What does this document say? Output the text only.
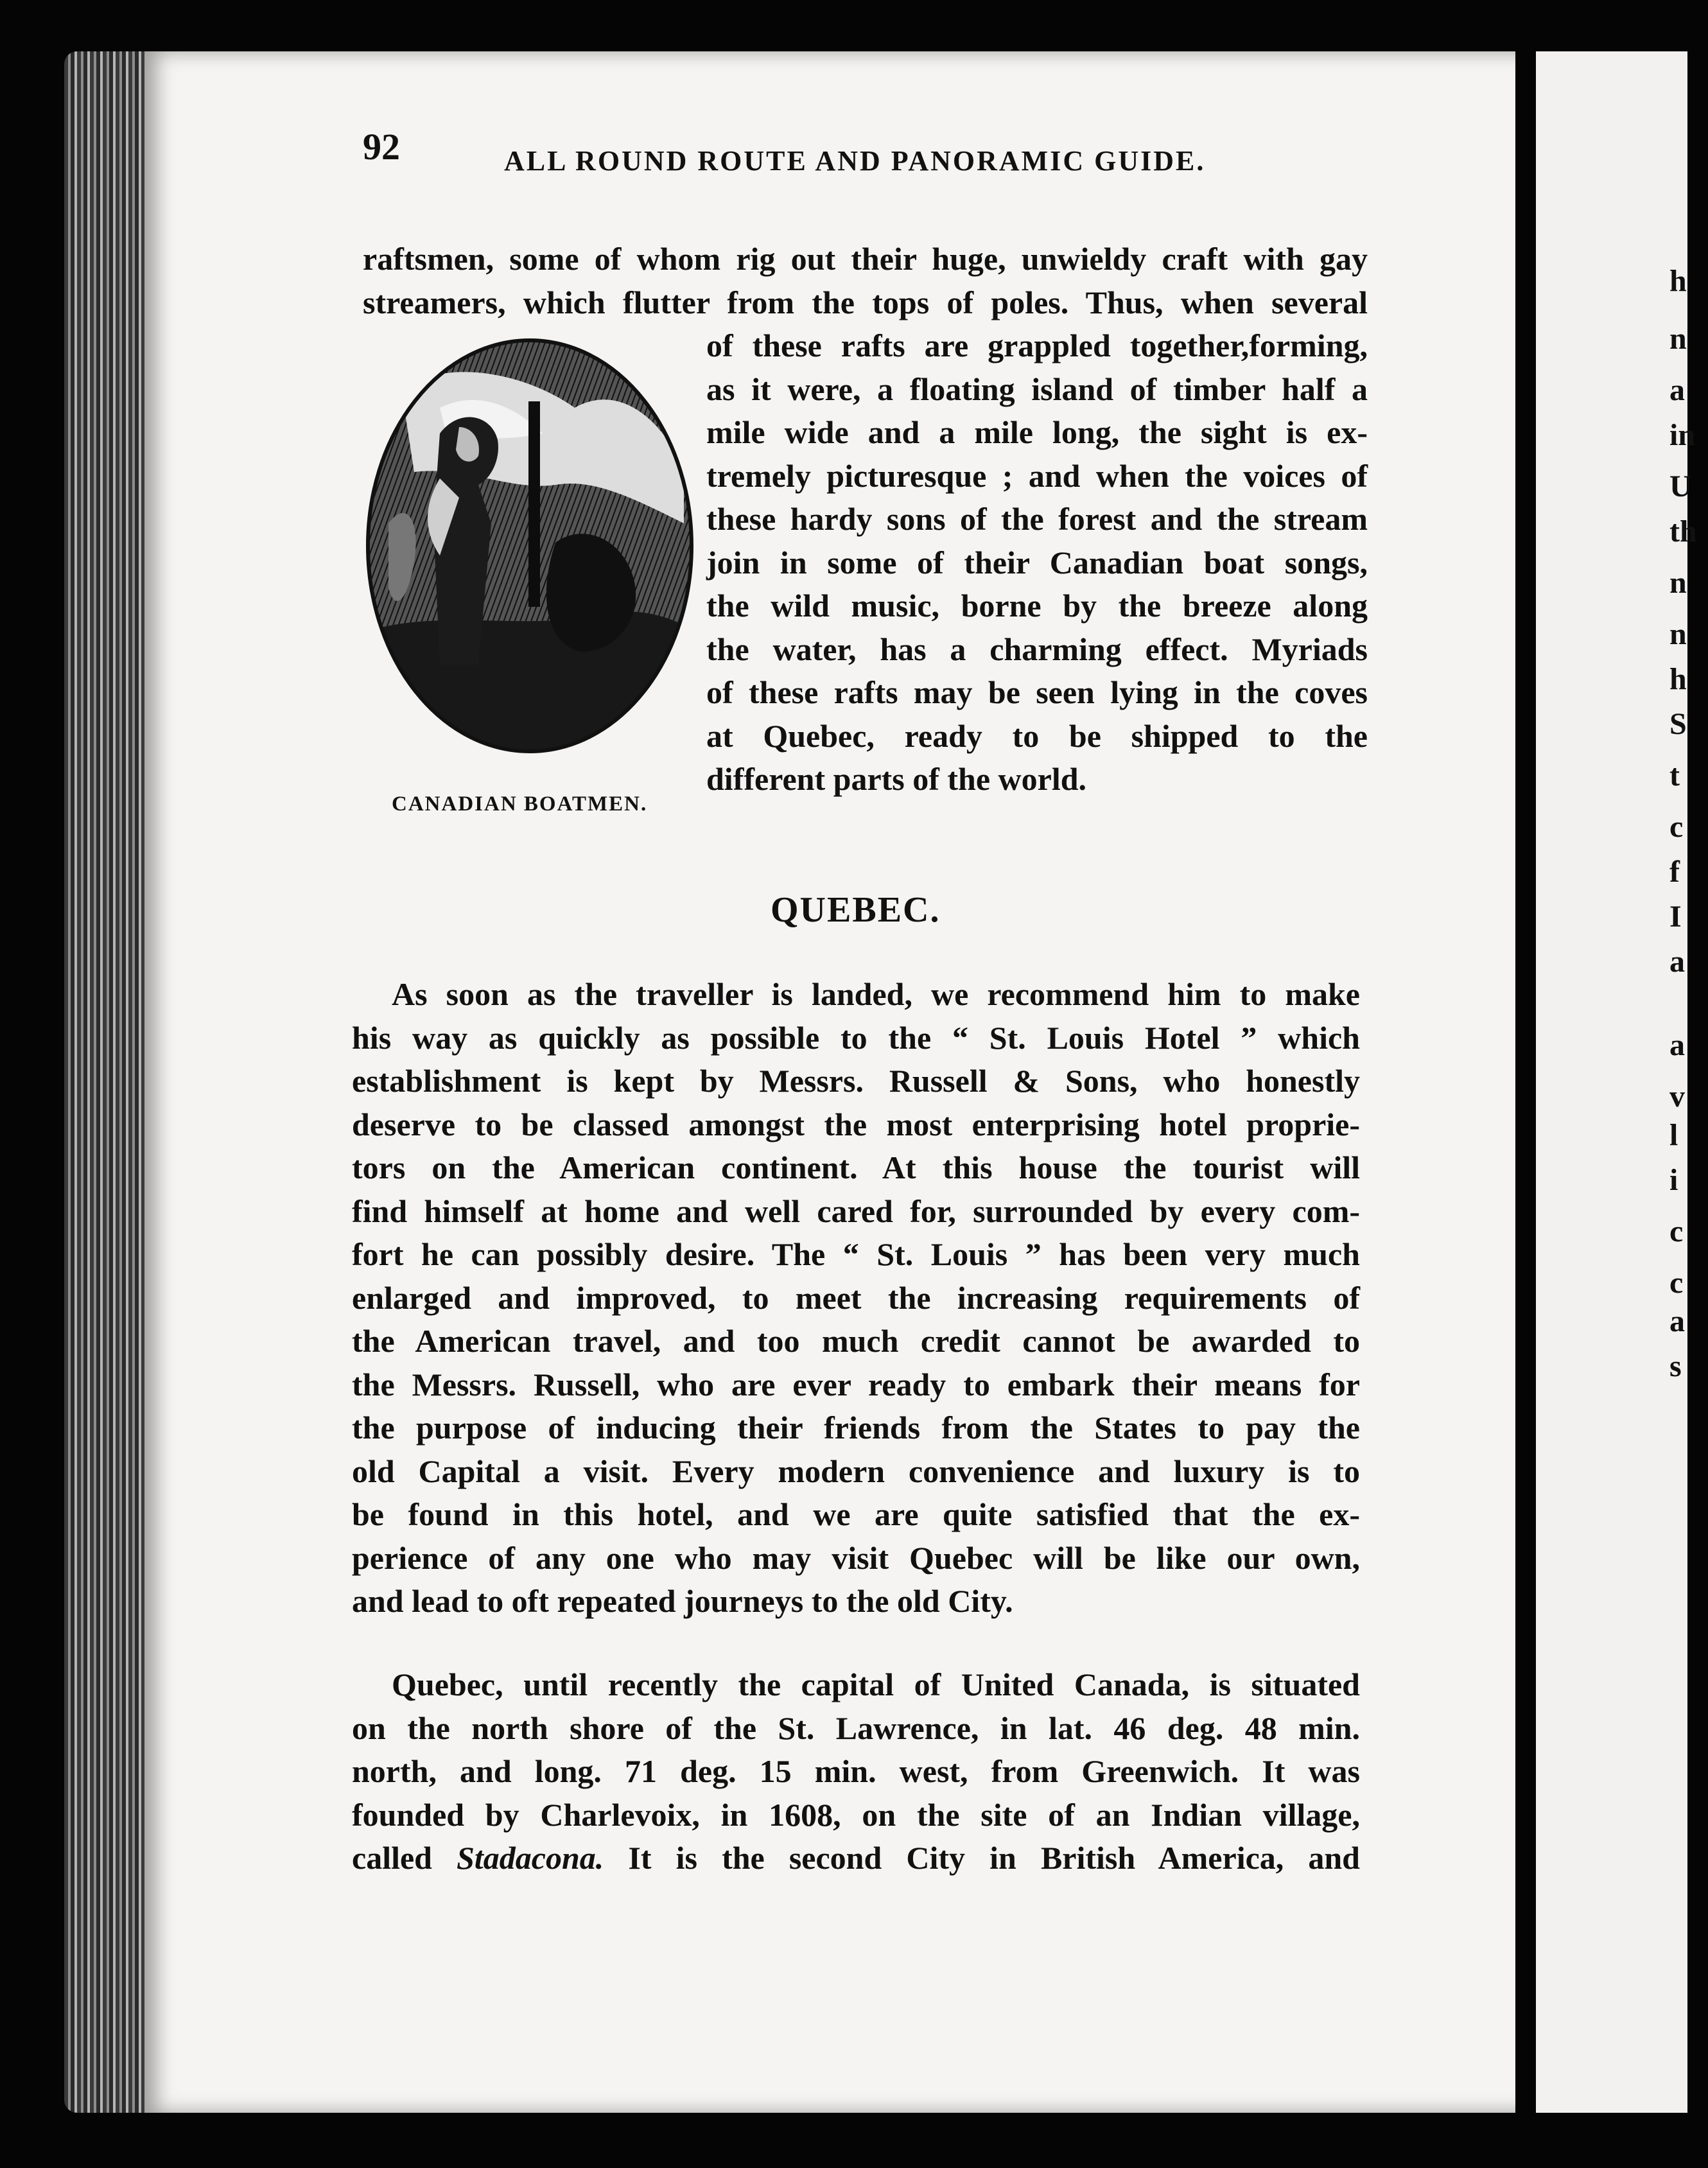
h
n
a
in
U
th
n
n
h
S
t
c
f
I
a
a
v
l
i
c
c
a
s
92	ALL ROUND ROUTE AND PANORAMIC GUIDE.
raftsmen, some of whom rig out their huge, unwieldy craft with gay
streamers, which flutter from the tops of poles. Thus, when several
CANADIAN BOATMEN.
of these rafts are grappled together,forming,
as it were, a floating island of timber half a
mile wide and a mile long, the sight is ex-
tremely picturesque ; and when the voices of
these hardy sons of the forest and the stream
join in some of their Canadian boat songs,
the wild music, borne by the breeze along
the water, has a charming effect. Myriads
of these rafts may be seen lying in the coves
at Quebec, ready to be shipped to the
different parts of the world.
QUEBEC.
As soon as the traveller is landed, we recommend him to make
his way as quickly as possible to the “ St. Louis Hotel ” which
establishment is kept by Messrs. Russell & Sons, who honestly
deserve to be classed amongst the most enterprising hotel proprie-
tors on the American continent. At this house the tourist will
find himself at home and well cared for, surrounded by every com-
fort he can possibly desire. The “ St. Louis ” has been very much
enlarged and improved, to meet the increasing requirements of
the American travel, and too much credit cannot be awarded to
the Messrs. Russell, who are ever ready to embark their means for
the purpose of inducing their friends from the States to pay the
old Capital a visit. Every modern convenience and luxury is to
be found in this hotel, and we are quite satisfied that the ex-
perience of any one who may visit Quebec will be like our own,
and lead to oft repeated journeys to the old City.
Quebec, until recently the capital of United Canada, is situated
on the north shore of the St. Lawrence, in lat. 46 deg. 48 min.
north, and long. 71 deg. 15 min. west, from Greenwich. It was
founded by Charlevoix, in 1608, on the site of an Indian village,
called Stadacona. It is the second City in British America, and
